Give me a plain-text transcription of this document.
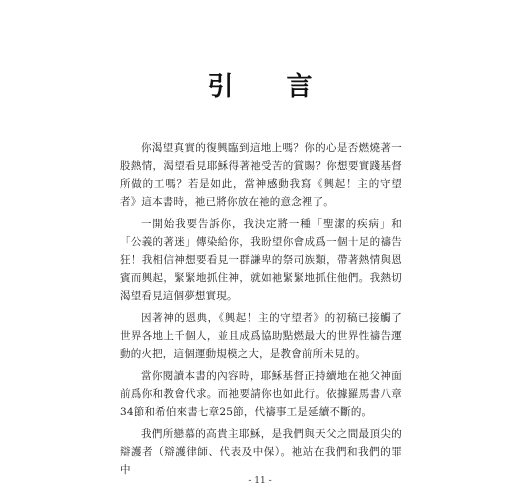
引 言

你渴望真實的復興臨到這地上嗎？你的心是否燃燒著一股熱情，渴望看見耶穌得著祂受苦的賞賜？你想要實踐基督所做的工嗎？若是如此，當神感動我寫《興起！主的守望者》這本書時，祂已將你放在祂的意念裡了。

一開始我要告訴你，我決定將一種「聖潔的疾病」和「公義的著迷」傳染給你，我盼望你會成爲一個十足的禱告狂！我相信神想要看見一群謙卑的祭司族類，帶著熱情與恩賓而興起，緊緊地抓住神，就如祂緊緊地抓住他們。我熱切渴望看見這個夢想實現。

因著神的恩典，《興起！主的守望者》的初稿已接觸了世界各地上千個人，並且成爲協助點燃最大的世界性禱告運動的火把，這個運動規模之大，是教會前所未見的。

當你閱讀本書的內容時，耶穌基督正持續地在祂父神面前爲你和教會代求。而祂要請你也如此行。依據羅馬書八章34節和希伯來書七章25節，代禱事工是延續不斷的。

我們所戀慕的高貴主耶穌，是我們與天父之間最頂尖的辯護者（辯護律師、代表及中保）。祂站在我們和我們的罪中

- 11 -
